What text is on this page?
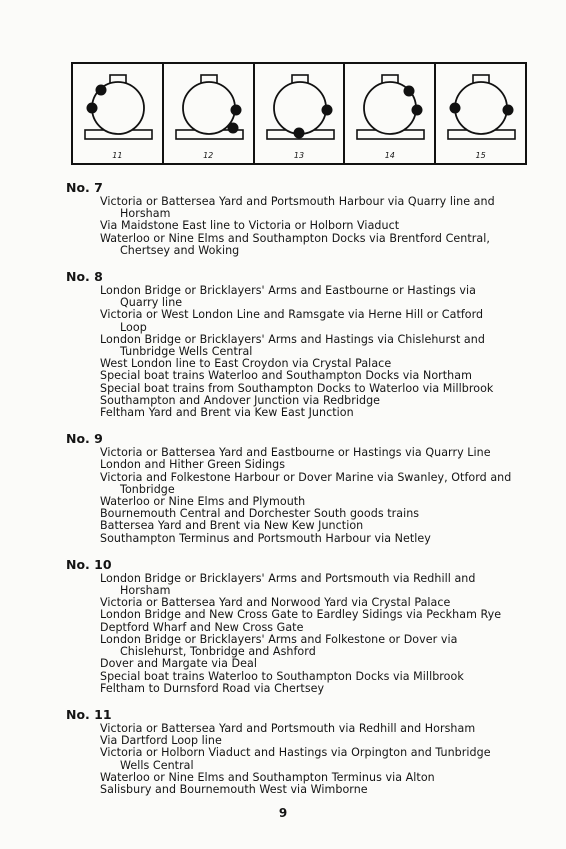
11	12	13	14	15
No. 7
Victoria or Battersea Yard and Portsmouth Harbour via Quarry line and
Horsham
Via Maidstone East line to Victoria or Holborn Viaduct
Waterloo or Nine Elms and Southampton Docks via Brentford Central,
Chertsey and Woking
No. 8
London Bridge or Bricklayers' Arms and Eastbourne or Hastings via
Quarry line
Victoria or West London Line and Ramsgate via Herne Hill or Catford
Loop
London Bridge or Bricklayers' Arms and Hastings via Chislehurst and
Tunbridge Wells Central
West London line to East Croydon via Crystal Palace
Special boat trains Waterloo and Southampton Docks via Northam
Special boat trains from Southampton Docks to Waterloo via Millbrook
Southampton and Andover Junction via Redbridge
Feltham Yard and Brent via Kew East Junction
No. 9
Victoria or Battersea Yard and Eastbourne or Hastings via Quarry Line
London and Hither Green Sidings
Victoria and Folkestone Harbour or Dover Marine via Swanley, Otford and
Tonbridge
Waterloo or Nine Elms and Plymouth
Bournemouth Central and Dorchester South goods trains
Battersea Yard and Brent via New Kew Junction
Southampton Terminus and Portsmouth Harbour via Netley
No. 10
London Bridge or Bricklayers' Arms and Portsmouth via Redhill and
Horsham
Victoria or Battersea Yard and Norwood Yard via Crystal Palace
London Bridge and New Cross Gate to Eardley Sidings via Peckham Rye
Deptford Wharf and New Cross Gate
London Bridge or Bricklayers' Arms and Folkestone or Dover via
Chislehurst, Tonbridge and Ashford
Dover and Margate via Deal
Special boat trains Waterloo to Southampton Docks via Millbrook
Feltham to Durnsford Road via Chertsey
No. 11
Victoria or Battersea Yard and Portsmouth via Redhill and Horsham
Via Dartford Loop line
Victoria or Holborn Viaduct and Hastings via Orpington and Tunbridge
Wells Central
Waterloo or Nine Elms and Southampton Terminus via Alton
Salisbury and Bournemouth West via Wimborne
9
